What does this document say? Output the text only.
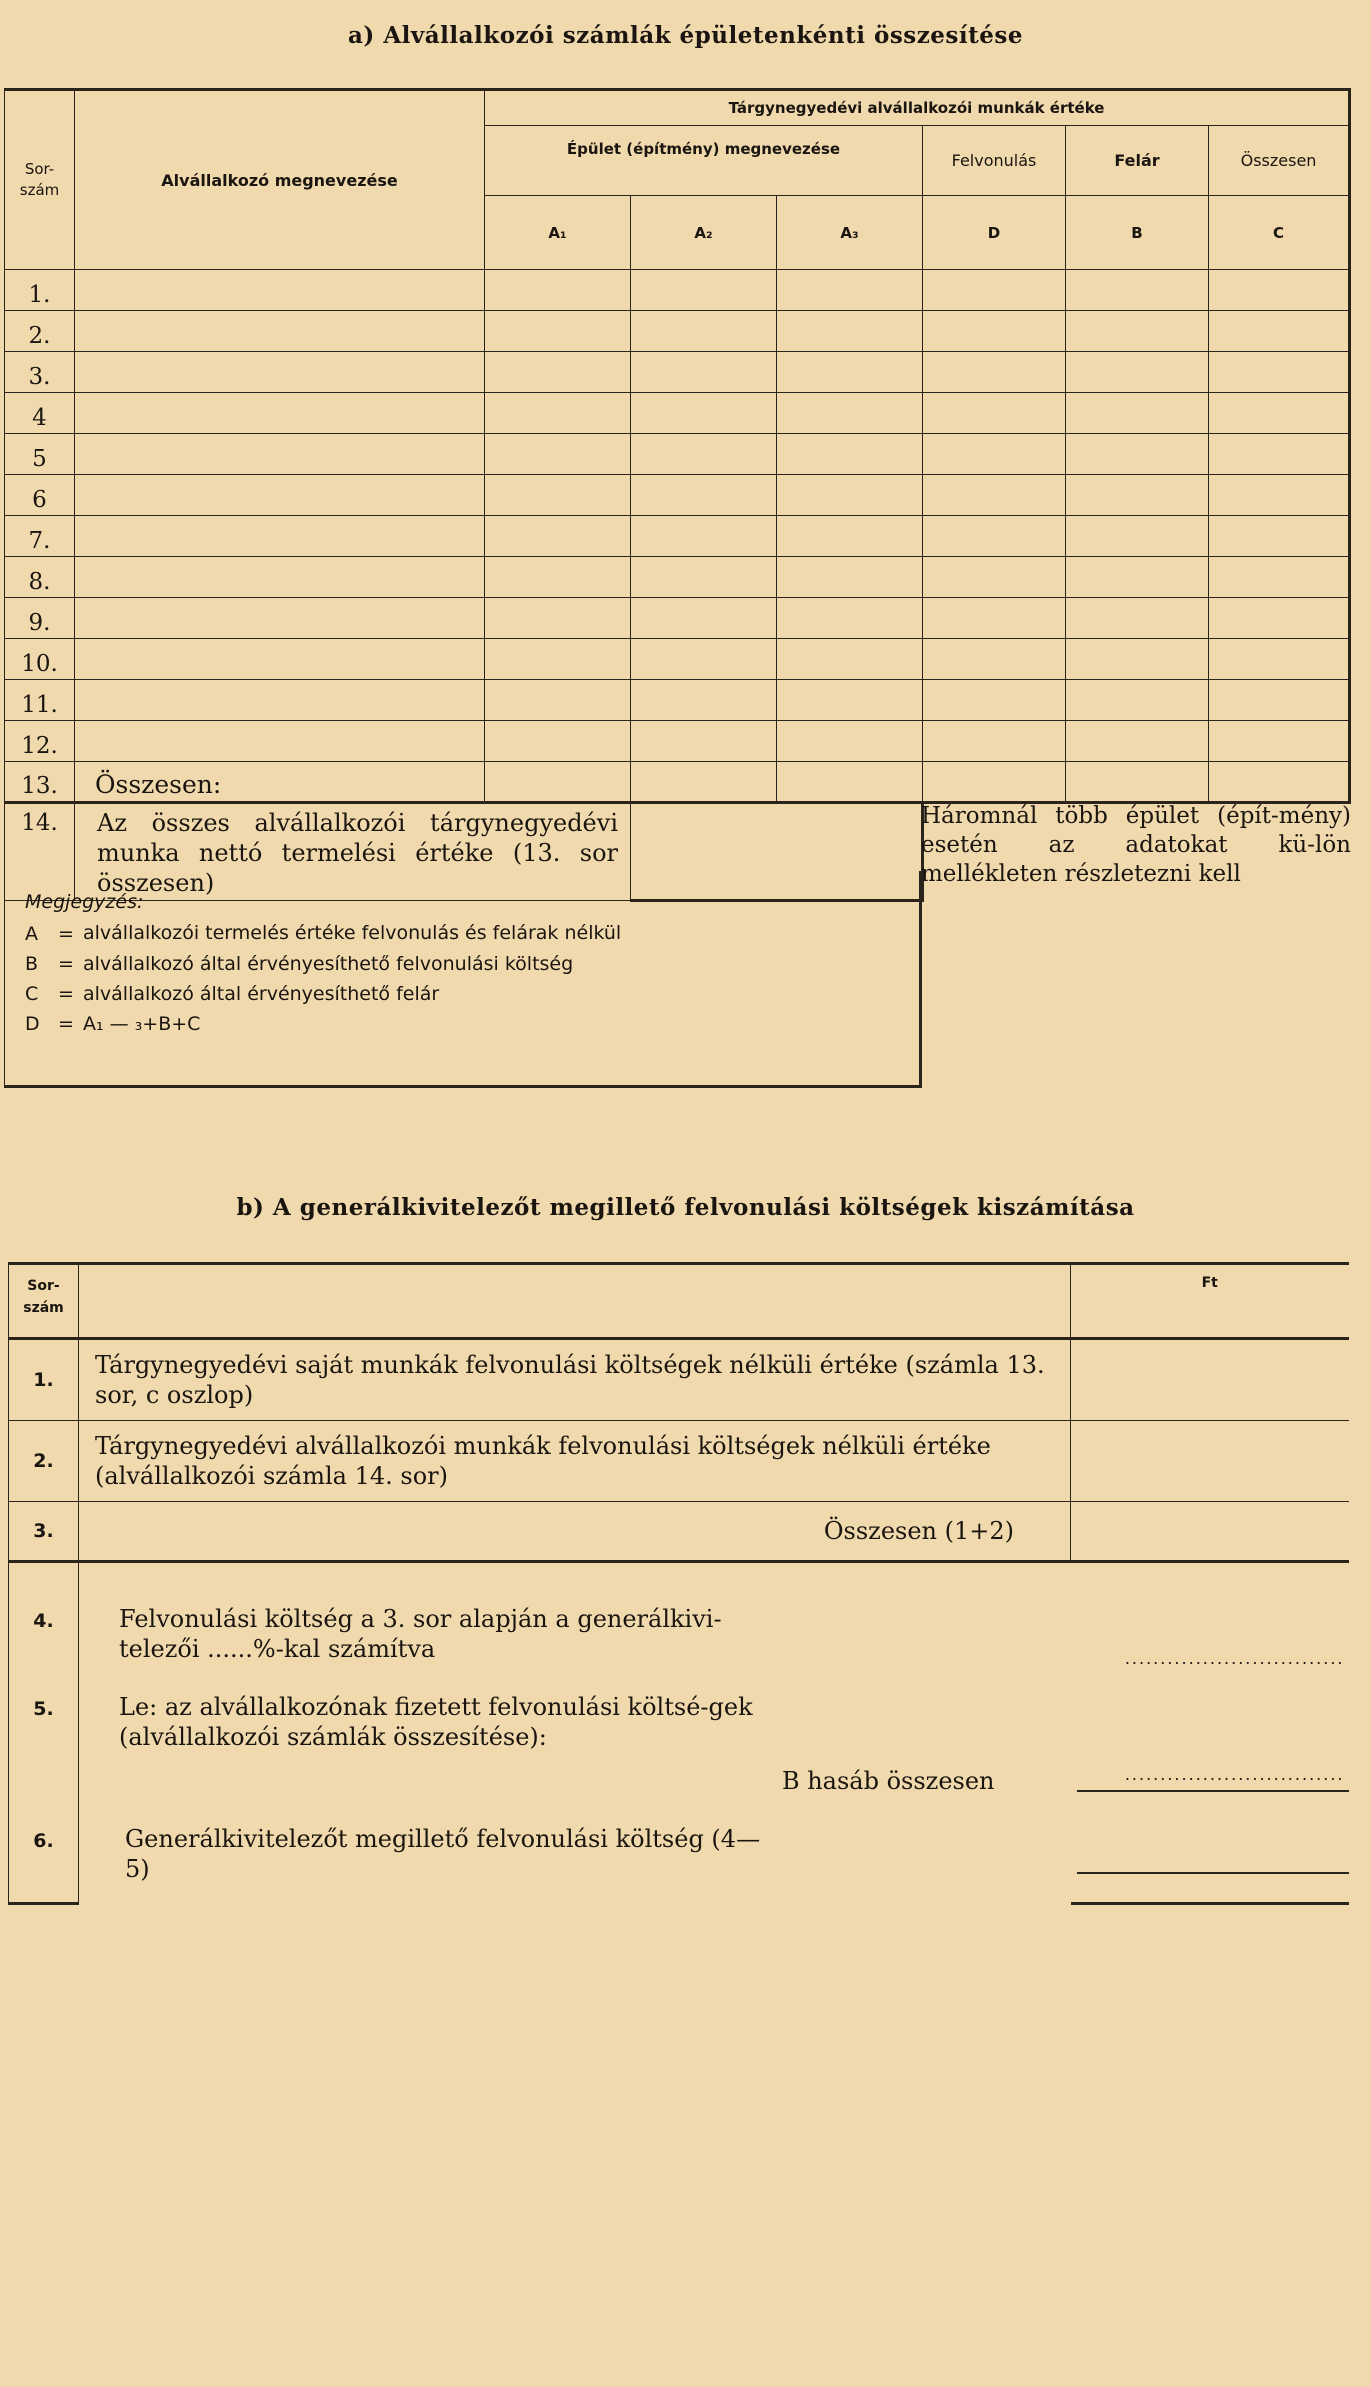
a) Alvállalkozói számlák épületenkénti összesítése
Sor-
szám	Alvállalkozó megnevezése	Tárgynegyedévi alvállalkozói munkák értéke					
		Épület (építmény) megnevezése			Felvonulás	Felár	Összesen
		A₁	A₂	A₃	D	B	C
1.							
2.							
3.							
4							
5							
6							
7.							
8.							
9.							
10.							
11.							
12.							
13.	Összesen:						
14.	Az összes alvállalkozói tárgynegyedévi munka nettó termelési értéke (13. sor összesen)						
Háromnál több épület (épít-mény) esetén az adatokat kü-lön mellékleten részletezni kell
Megjegyzés:
A	= alvállalkozói termelés értéke felvonulás és felárak nélkül
B	= alvállalkozó által érvényesíthető felvonulási költség
C	= alvállalkozó által érvényesíthető felár
D = A₁ — ₃+B+C
b) A generálkivitelezőt megillető felvonulási költségek kiszámítása
Sor-
szám		Ft
1.	Tárgynegyedévi saját munkák felvonulási költségek nélküli értéke (számla 13. sor, c oszlop)	
2.	Tárgynegyedévi alvállalkozói munkák felvonulási költségek nélküli értéke (alvállalkozói számla 14. sor)	
3.	Összesen (1+2)	

4.	Felvonulási költség a 3. sor alapján a generálkivi-telezői ......%-kal számítva	...............................

5.	Le: az alvállalkozónak fizetett felvonulási költsé-gek (alvállalkozói számlák összesítése):
B hasáb összesen	...............................

6.	Generálkivitelezőt megillető felvonulási költség (4—5)	
